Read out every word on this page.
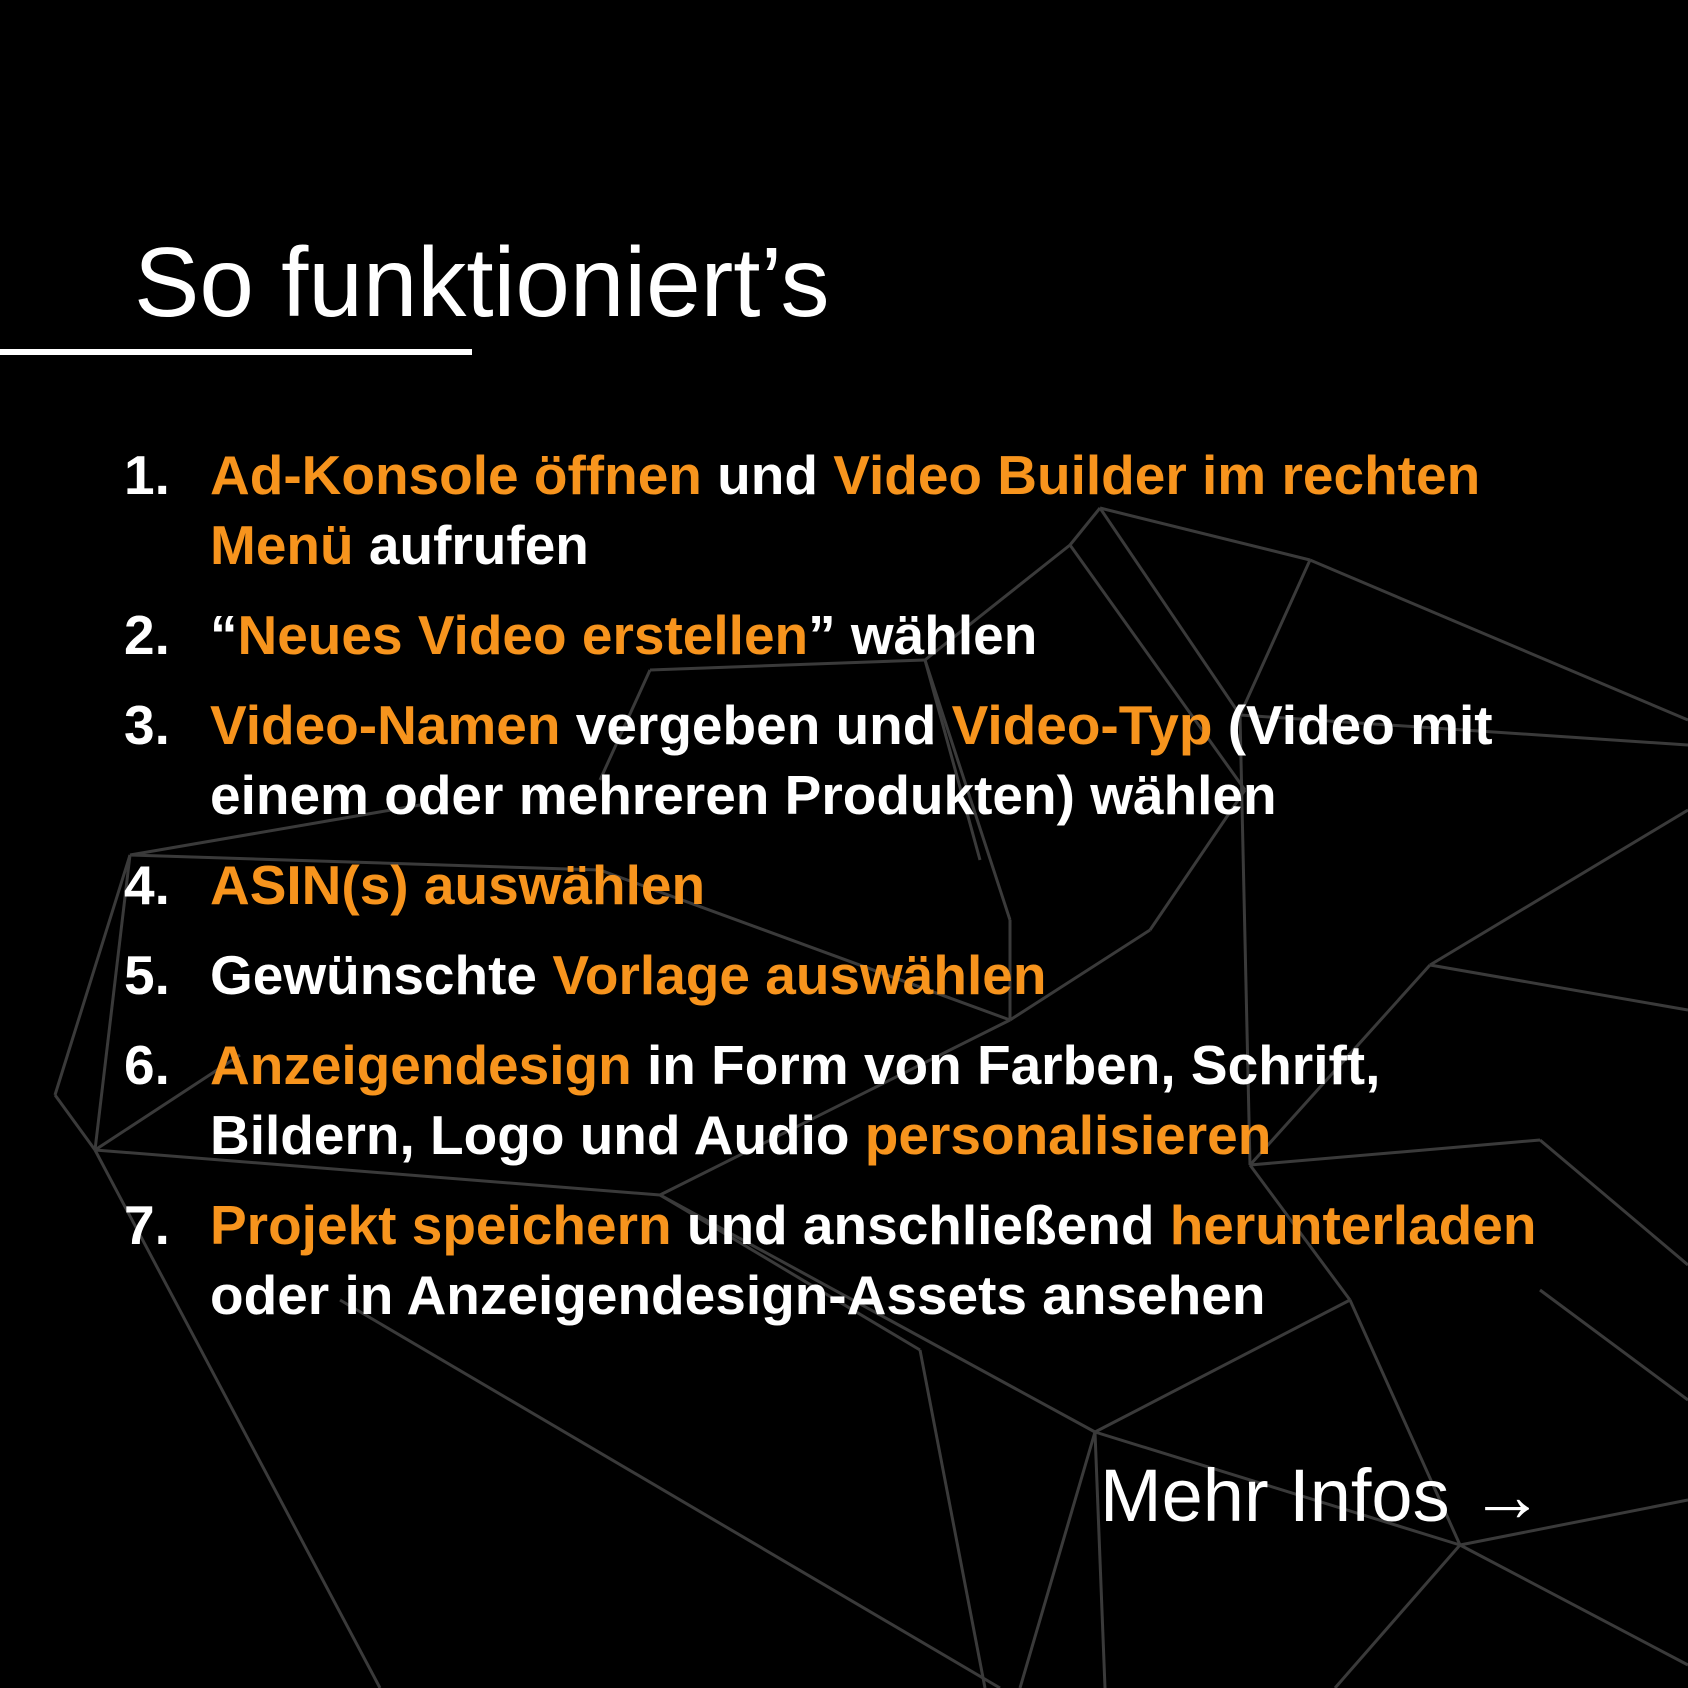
So funktioniert’s
1. Ad-Konsole öffnen und Video Builder im rechten
Menü aufrufen
2. “Neues Video erstellen” wählen
3. Video-Namen vergeben und Video-Typ (Video mit
einem oder mehreren Produkten) wählen
4. ASIN(s) auswählen
5. Gewünschte Vorlage auswählen
6. Anzeigendesign in Form von Farben, Schrift,
Bildern, Logo und Audio personalisieren
7. Projekt speichern und anschließend herunterladen
oder in Anzeigendesign-Assets ansehen
Mehr Infos →
